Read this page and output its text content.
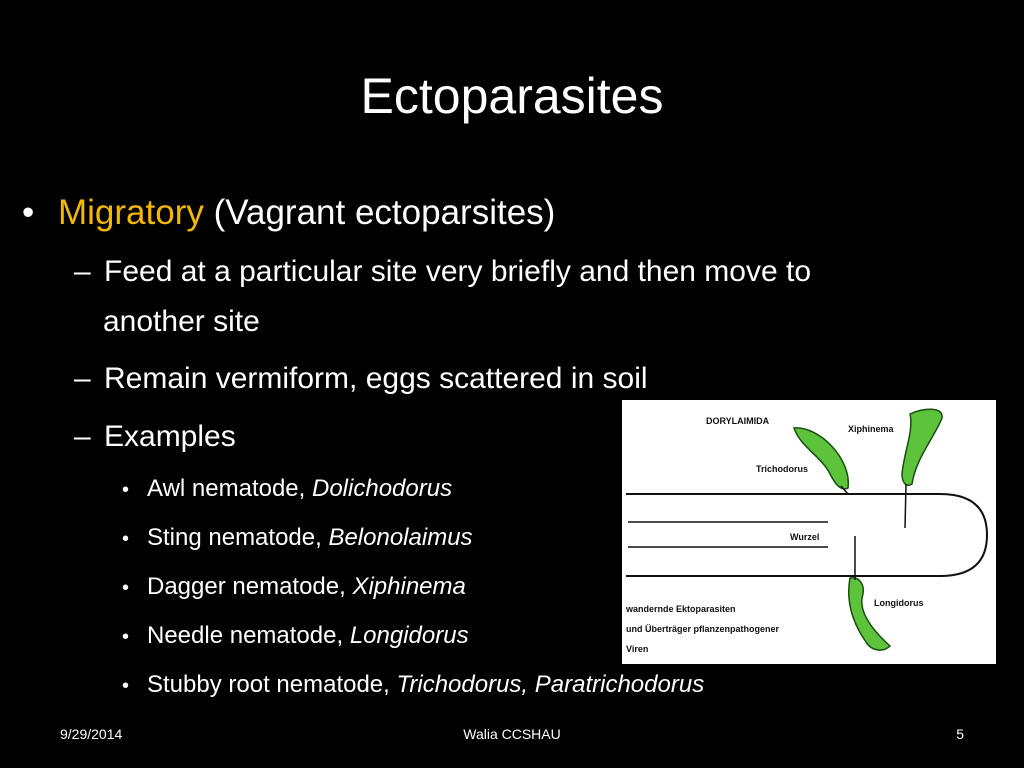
Ectoparasites
• Migratory (Vagrant ectoparsites)
– Feed at a particular site very briefly and then move to
another site
– Remain vermiform, eggs scattered in soil
– Examples
• Awl nematode, Dolichodorus
• Sting nematode, Belonolaimus
• Dagger nematode, Xiphinema
• Needle nematode, Longidorus
• Stubby root nematode, Trichodorus, Paratrichodorus
DORYLAIMIDA
Xiphinema
Trichodorus
Wurzel
Longidorus
wandernde Ektoparasiten
und Überträger pflanzenpathogener
Viren
9/29/2014	Walia CCSHAU	5
